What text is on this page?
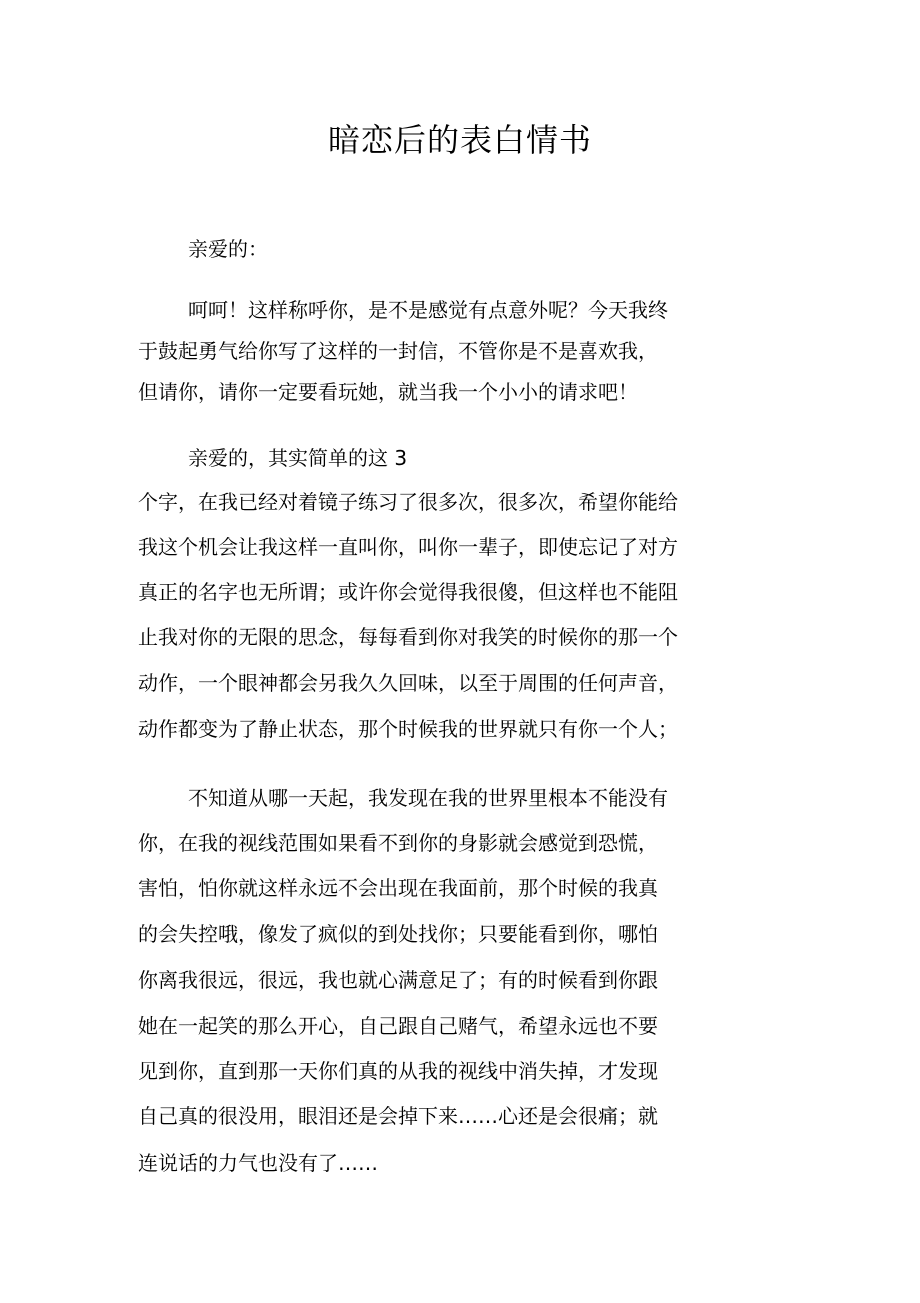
暗恋后的表白情书
亲爱的：
呵呵！这样称呼你，是不是感觉有点意外呢？今天我终
于鼓起勇气给你写了这样的一封信，不管你是不是喜欢我，
但请你，请你一定要看玩她，就当我一个小小的请求吧！
亲爱的，其实简单的这 3
个字，在我已经对着镜子练习了很多次，很多次，希望你能给
我这个机会让我这样一直叫你，叫你一辈子，即使忘记了对方
真正的名字也无所谓；或许你会觉得我很傻，但这样也不能阻
止我对你的无限的思念，每每看到你对我笑的时候你的那一个
动作，一个眼神都会另我久久回味，以至于周围的任何声音，
动作都变为了静止状态，那个时候我的世界就只有你一个人；
不知道从哪一天起，我发现在我的世界里根本不能没有
你，在我的视线范围如果看不到你的身影就会感觉到恐慌，
害怕，怕你就这样永远不会出现在我面前，那个时候的我真
的会失控哦，像发了疯似的到处找你；只要能看到你，哪怕
你离我很远，很远，我也就心满意足了；有的时候看到你跟
她在一起笑的那么开心，自己跟自己赌气，希望永远也不要
见到你，直到那一天你们真的从我的视线中消失掉，才发现
自己真的很没用，眼泪还是会掉下来……心还是会很痛；就
连说话的力气也没有了……
